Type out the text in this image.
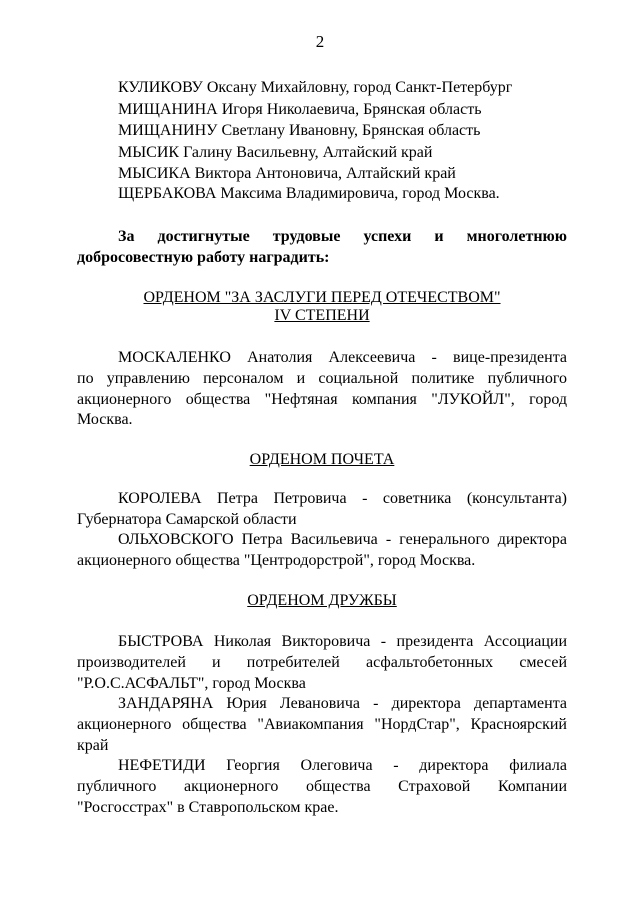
2
КУЛИКОВУ Оксану Михайловну, город Санкт-Петербург
МИЩАНИНА Игоря Николаевича, Брянская область
МИЩАНИНУ Светлану Ивановну, Брянская область
МЫСИК Галину Васильевну, Алтайский край
МЫСИКА Виктора Антоновича, Алтайский край
ЩЕРБАКОВА Максима Владимировича, город Москва.
За достигнутые трудовые успехи и многолетнюю
добросовестную работу наградить:
ОРДЕНОМ "ЗА ЗАСЛУГИ ПЕРЕД ОТЕЧЕСТВОМ"
IV СТЕПЕНИ
МОСКАЛЕНКО Анатолия Алексеевича - вице-президента
по управлению персоналом и социальной политике публичного
акционерного общества "Нефтяная компания "ЛУКОЙЛ", город
Москва.
ОРДЕНОМ ПОЧЕТА
КОРОЛЕВА Петра Петровича - советника (консультанта)
Губернатора Самарской области
ОЛЬХОВСКОГО Петра Васильевича - генерального директора
акционерного общества "Центродорстрой", город Москва.
ОРДЕНОМ ДРУЖБЫ
БЫСТРОВА Николая Викторовича - президента Ассоциации
производителей и потребителей асфальтобетонных смесей
"Р.О.С.АСФАЛЬТ", город Москва
ЗАНДАРЯНА Юрия Левановича - директора департамента
акционерного общества "Авиакомпания "НордСтар", Красноярский
край
НЕФЕТИДИ Георгия Олеговича - директора филиала
публичного акционерного общества Страховой Компании
"Росгосстрах" в Ставропольском крае.
